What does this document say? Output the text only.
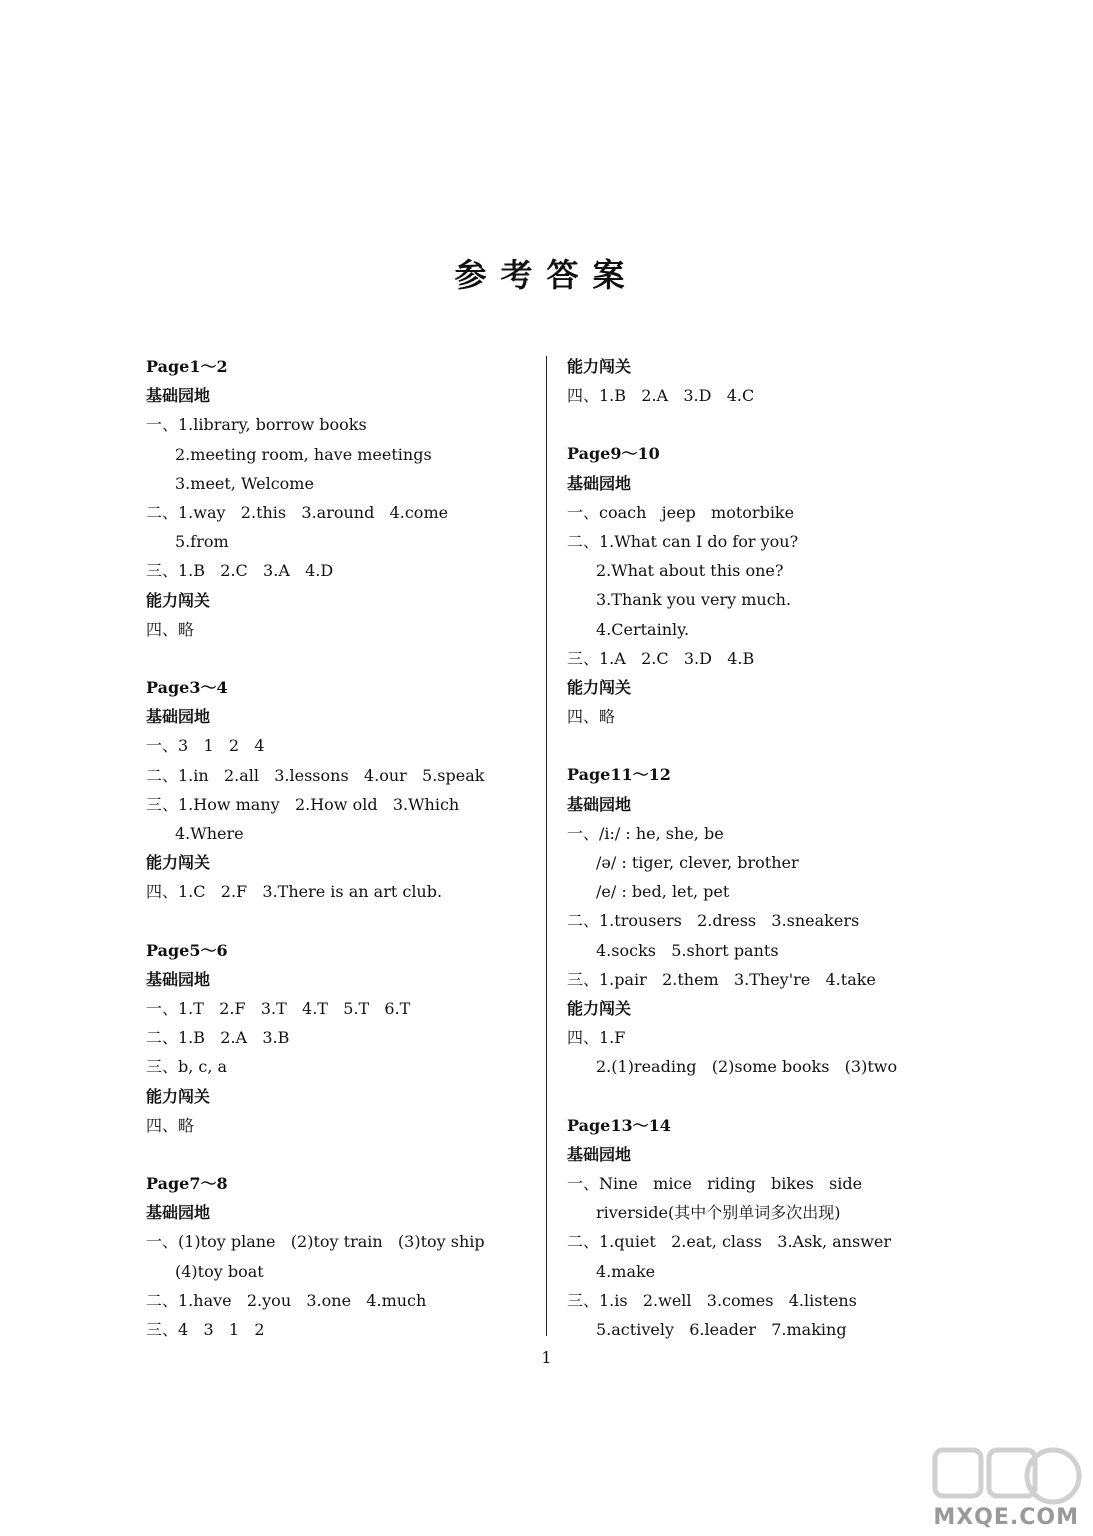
参考答案
Page1～2
基础园地
一、1.library, borrow books
2.meeting room, have meetings
3.meet, Welcome
二、1.way   2.this   3.around   4.come
5.from
三、1.B   2.C   3.A   4.D
能力闯关
四、略
Page3～4
基础园地
一、3   1   2   4
二、1.in   2.all   3.lessons   4.our   5.speak
三、1.How many   2.How old   3.Which
4.Where
能力闯关
四、1.C   2.F   3.There is an art club.
Page5～6
基础园地
一、1.T   2.F   3.T   4.T   5.T   6.T
二、1.B   2.A   3.B
三、b, c, a
能力闯关
四、略
Page7～8
基础园地
一、(1)toy plane   (2)toy train   (3)toy ship
(4)toy boat
二、1.have   2.you   3.one   4.much
三、4   3   1   2
能力闯关
四、1.B   2.A   3.D   4.C
Page9～10
基础园地
一、coach   jeep   motorbike
二、1.What can I do for you?
2.What about this one?
3.Thank you very much.
4.Certainly.
三、1.A   2.C   3.D   4.B
能力闯关
四、略
Page11～12
基础园地
一、/i:/ : he, she, be
/ə/ : tiger, clever, brother
/e/ : bed, let, pet
二、1.trousers   2.dress   3.sneakers
4.socks   5.short pants
三、1.pair   2.them   3.They're   4.take
能力闯关
四、1.F
2.(1)reading   (2)some books   (3)two
Page13～14
基础园地
一、Nine   mice   riding   bikes   side
riverside(其中个别单词多次出现)
二、1.quiet   2.eat, class   3.Ask, answer
4.make
三、1.is   2.well   3.comes   4.listens
5.actively   6.leader   7.making
1
MXQE.COM
